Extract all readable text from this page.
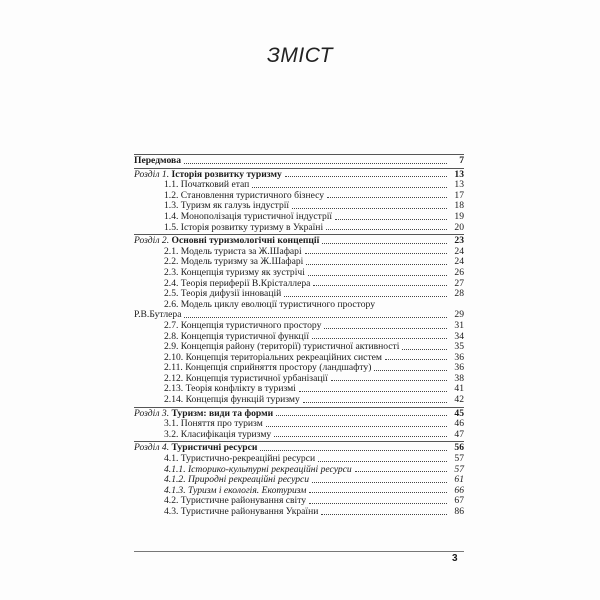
ЗМІСТ
Передмова	7
Розділ 1. Історія розвитку туризму	13
1.1. Початковий етап	13
1.2. Становлення туристичного бізнесу	17
1.3. Туризм як галузь індустрії	18
1.4. Монополізація туристичної індустрії	19
1.5. Історія розвитку туризму в Україні	20
Розділ 2. Основні туризмологічні концепції	23
2.1. Модель туриста за Ж.Шафарі	24
2.2. Модель туризму за Ж.Шафарі	24
2.3. Концепція туризму як зустрічі	26
2.4. Теорія периферії В.Крісталлера	27
2.5. Теорія дифузії інновацій	28
2.6. Модель циклу еволюції туристичного простору
Р.В.Бутлера	29
2.7. Концепція туристичного простору	31
2.8. Концепція туристичної функції	34
2.9. Концепція району (території) туристичної активності	35
2.10. Концепція територіальних рекреаційних систем	36
2.11. Концепція сприйняття простору (ландшафту)	36
2.12. Концепція туристичної урбанізації	38
2.13. Теорія конфлікту в туризмі	41
2.14. Концепція функцій туризму	42
Розділ 3. Туризм: види та форми	45
3.1. Поняття про туризм	46
3.2. Класифікація туризму	47
Розділ 4. Туристичні ресурси	56
4.1. Туристично-рекреаційні ресурси	57
4.1.1. Історико-культурні рекреаційні ресурси	57
4.1.2. Природні рекреаційні ресурси	61
4.1.3. Туризм і екологія. Екотуризм	66
4.2. Туристичне районування світу	67
4.3. Туристичне районування України	86
3
